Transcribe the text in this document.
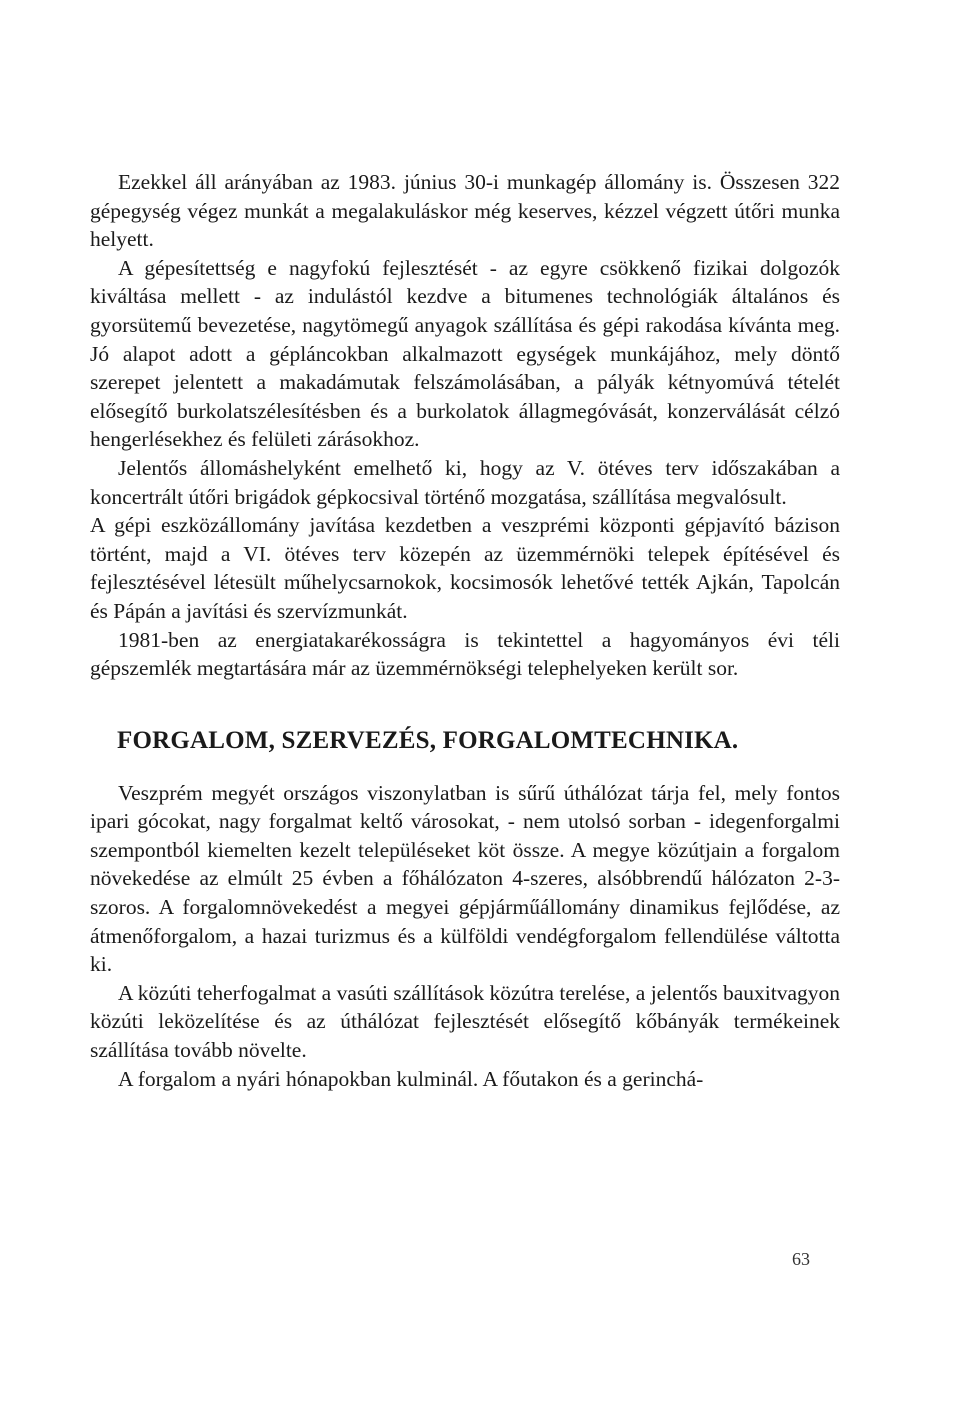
Ezekkel áll arányában az 1983. június 30-i munkagép állomány is. Összesen 322 gépegység végez munkát a megalakuláskor még keserves, kézzel végzett útőri munka helyett.

A gépesítettség e nagyfokú fejlesztését - az egyre csökkenő fizikai dolgozók kiváltása mellett - az indulástól kezdve a bitumenes technológiák általános és gyorsütemű bevezetése, nagytömegű anyagok szállítása és gépi rakodása kívánta meg. Jó alapot adott a gépláncokban alkalmazott egységek munkájához, mely döntő szerepet jelentett a makadámutak felszámolásában, a pályák kétnyomúvá tételét elősegítő burkolatszélesítésben és a burkolatok állagmegóvását, konzerválását célzó hengerlésekhez és felületi zárásokhoz.

Jelentős állomáshelyként emelhető ki, hogy az V. ötéves terv időszakában a koncertrált útőri brigádok gépkocsival történő mozgatása, szállítása megvalósult.

A gépi eszközállomány javítása kezdetben a veszprémi központi gépjavító bázison történt, majd a VI. ötéves terv közepén az üzemmérnöki telepek építésével és fejlesztésével létesült műhelycsarnokok, kocsimosók lehetővé tették Ajkán, Tapolcán és Pápán a javítási és szervízmunkát.

1981-ben az energiatakarékosságra is tekintettel a hagyományos évi téli gépszemlék megtartására már az üzemmérnökségi telephelyeken került sor.

FORGALOM, SZERVEZÉS, FORGALOMTECHNIKA.

Veszprém megyét országos viszonylatban is sűrű úthálózat tárja fel, mely fontos ipari gócokat, nagy forgalmat keltő városokat, - nem utolsó sorban - idegenforgalmi szempontból kiemelten kezelt településeket köt össze. A megye közútjain a forgalom növekedése az elmúlt 25 évben a főhálózaton 4-szeres, alsóbbrendű hálózaton 2-3-szoros. A forgalomnövekedést a megyei gépjárműállomány dinamikus fejlődése, az átmenőforgalom, a hazai turizmus és a külföldi vendégforgalom fellendülése váltotta ki.

A közúti teherfogalmat a vasúti szállítások közútra terelése, a jelentős bauxitvagyon közúti leközelítése és az úthálózat fejlesztését elősegítő kőbányák termékeinek szállítása tovább növelte.

A forgalom a nyári hónapokban kulminál. A főutakon és a gerinchá-

63
